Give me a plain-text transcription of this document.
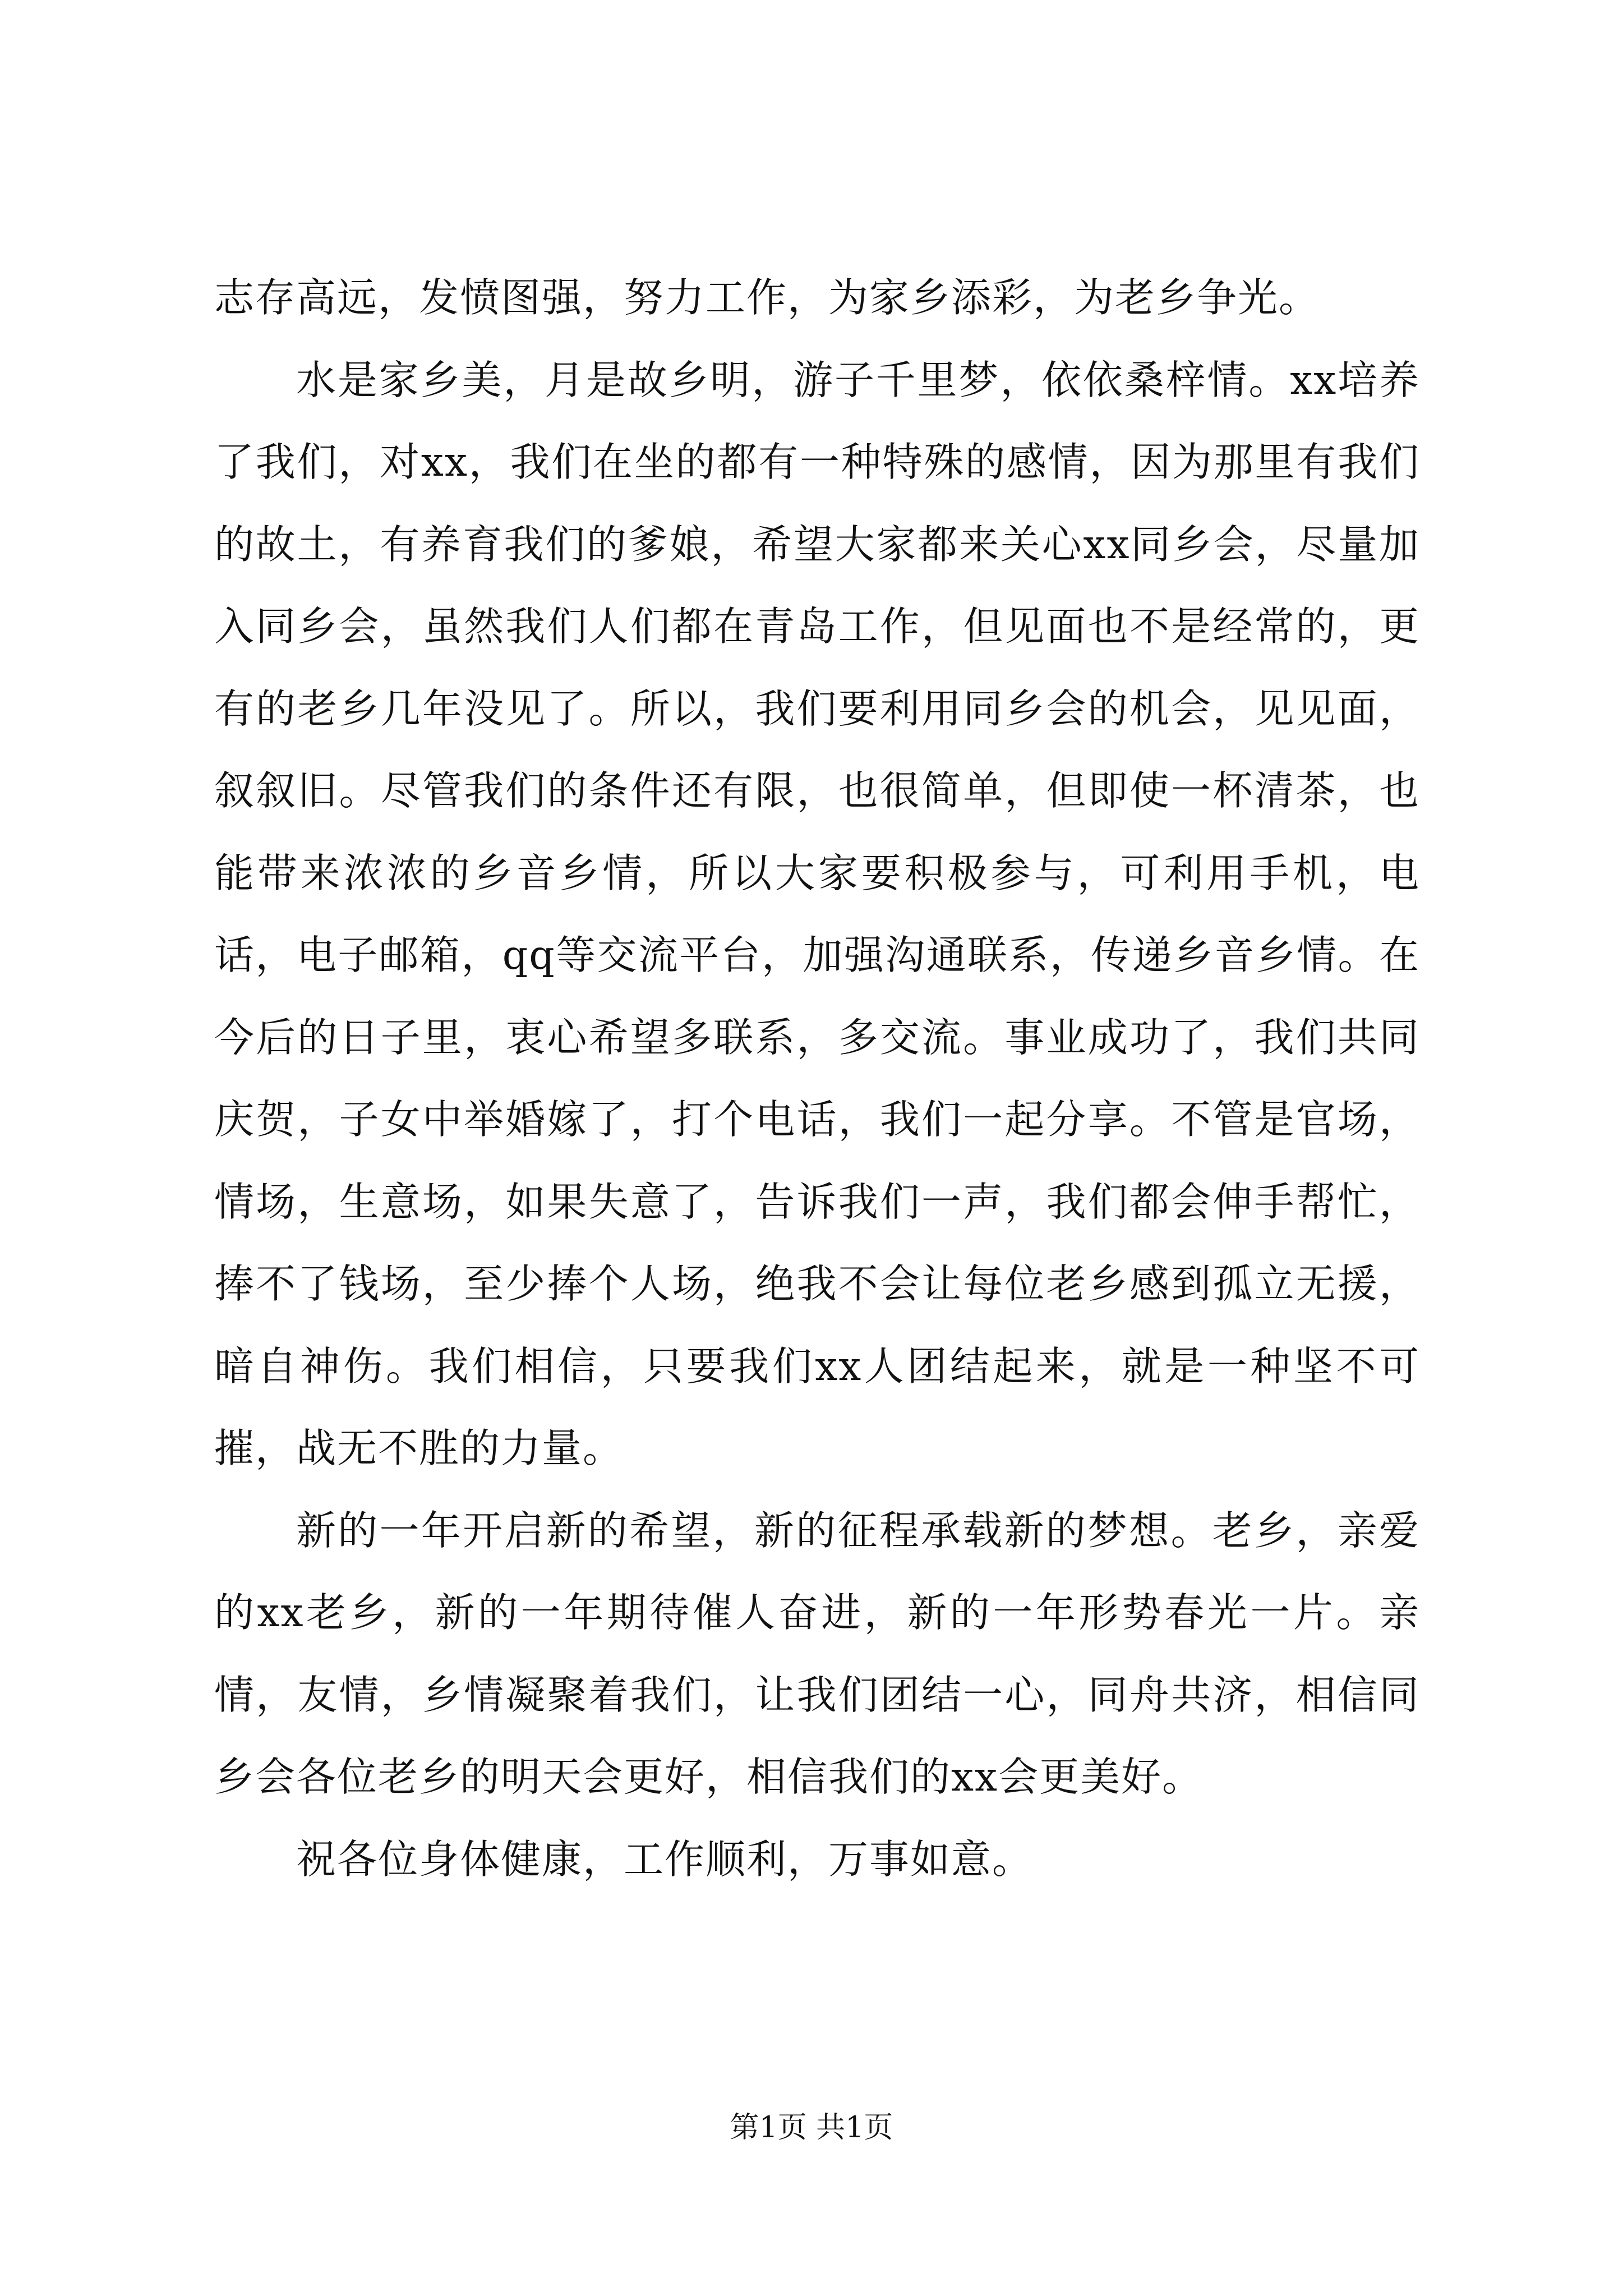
志存高远，发愤图强，努力工作，为家乡添彩，为老乡争光。

水是家乡美，月是故乡明，游子千里梦，依依桑梓情。xx培养了我们，对xx，我们在坐的都有一种特殊的感情，因为那里有我们的故土，有养育我们的爹娘，希望大家都来关心xx同乡会，尽量加入同乡会，虽然我们人们都在青岛工作，但见面也不是经常的，更有的老乡几年没见了。所以，我们要利用同乡会的机会，见见面，叙叙旧。尽管我们的条件还有限，也很简单，但即使一杯清茶，也能带来浓浓的乡音乡情，所以大家要积极参与，可利用手机，电话，电子邮箱，qq等交流平台，加强沟通联系，传递乡音乡情。在今后的日子里，衷心希望多联系，多交流。事业成功了，我们共同庆贺，子女中举婚嫁了，打个电话，我们一起分享。不管是官场，情场，生意场，如果失意了，告诉我们一声，我们都会伸手帮忙，捧不了钱场，至少捧个人场，绝我不会让每位老乡感到孤立无援，暗自神伤。我们相信，只要我们xx人团结起来，就是一种坚不可摧，战无不胜的力量。

新的一年开启新的希望，新的征程承载新的梦想。老乡，亲爱的xx老乡，新的一年期待催人奋进，新的一年形势春光一片。亲情，友情，乡情凝聚着我们，让我们团结一心，同舟共济，相信同乡会各位老乡的明天会更好，相信我们的xx会更美好。

祝各位身体健康，工作顺利，万事如意。

第1页 共1页
